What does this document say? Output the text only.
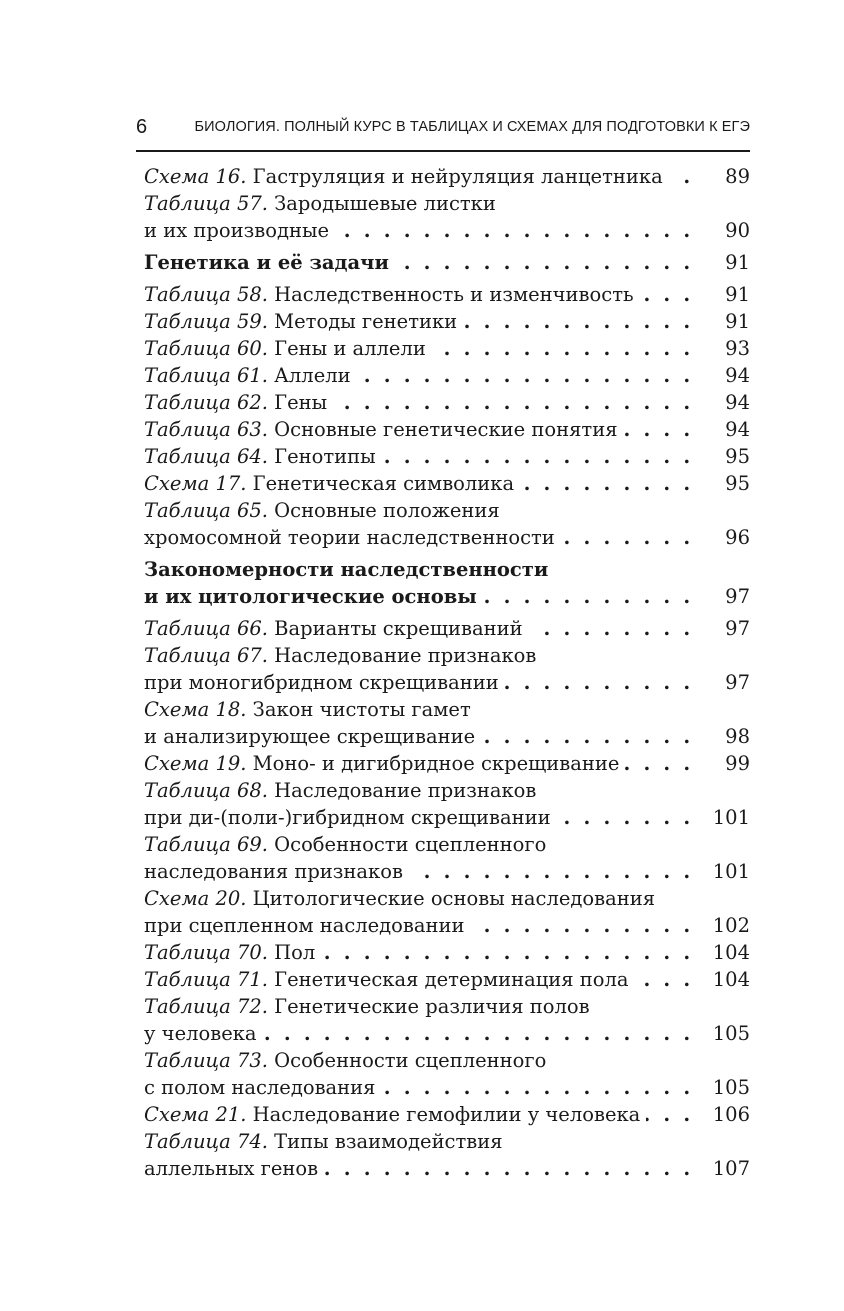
6	БИОЛОГИЯ. ПОЛНЫЙ КУРС В ТАБЛИЦАХ И СХЕМАХ ДЛЯ ПОДГОТОВКИ К ЕГЭ
Схема 16. Гаструляция и нейруляция ланцетника . . .	89
Таблица 57. Зародышевые листки
и их производные . . .	90
Генетика и её задачи . . .	91
Таблица 58. Наследственность и изменчивость . . .	91
Таблица 59. Методы генетики . . .	91
Таблица 60. Гены и аллели . . .	93
Таблица 61. Аллели . . .	94
Таблица 62. Гены . . .	94
Таблица 63. Основные генетические понятия . . .	94
Таблица 64. Генотипы . . .	95
Схема 17. Генетическая символика . . .	95
Таблица 65. Основные положения
хромосомной теории наследственности . . .	96
Закономерности наследственности
и их цитологические основы . . .	97
Таблица 66. Варианты скрещиваний . . .	97
Таблица 67. Наследование признаков
при моногибридном скрещивании . . .	97
Схема 18. Закон чистоты гамет
и анализирующее скрещивание . . .	98
Схема 19. Моно- и дигибридное скрещивание . . .	99
Таблица 68. Наследование признаков
при ди-(поли-)гибридном скрещивании . . .	101
Таблица 69. Особенности сцепленного
наследования признаков . . .	101
Схема 20. Цитологические основы наследования
при сцепленном наследовании . . .	102
Таблица 70. Пол . . .	104
Таблица 71. Генетическая детерминация пола . . .	104
Таблица 72. Генетические различия полов
у человека . . .	105
Таблица 73. Особенности сцепленного
с полом наследования . . .	105
Схема 21. Наследование гемофилии у человека . . .	106
Таблица 74. Типы взаимодействия
аллельных генов . . .	107
